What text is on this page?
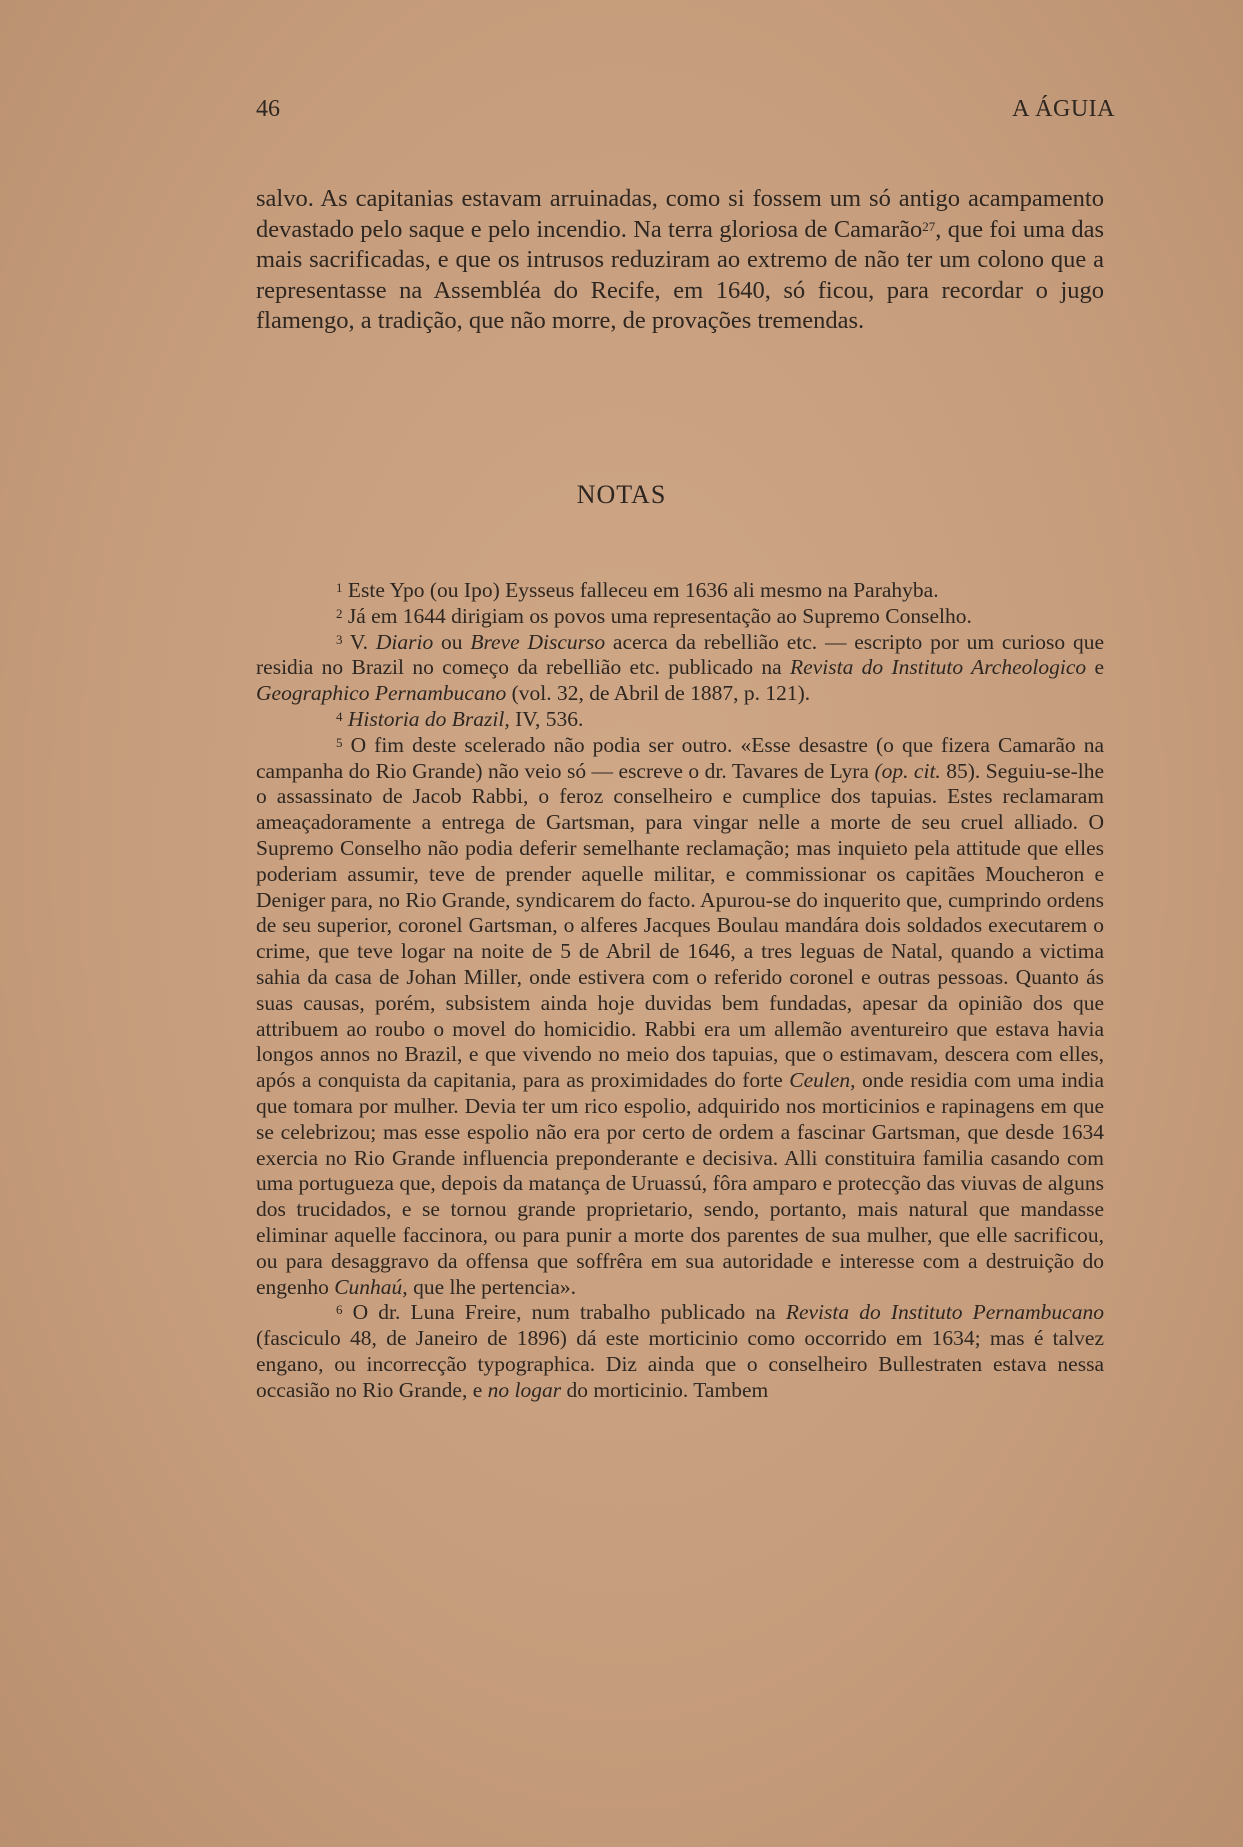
46	A ÁGUIA

salvo. As capitanias estavam arruinadas, como si fossem um só antigo acampamento devastado pelo saque e pelo incendio. Na terra gloriosa de Camarão$^{27}$, que foi uma das mais sacrificadas, e que os intrusos reduziram ao extremo de não ter um colono que a representasse na Assembléa do Recife, em 1640, só ficou, para recordar o jugo flamengo, a tradição, que não morre, de provações tremendas.

NOTAS

$^1$ Este Ypo (ou Ipo) Eysseus falleceu em 1636 ali mesmo na Parahyba.

$^2$ Já em 1644 dirigiam os povos uma representação ao Supremo Conselho.

$^3$ V. Diario ou Breve Discurso acerca da rebellião etc. — escripto por um curioso que residia no Brazil no começo da rebellião etc. publicado na Revista do Instituto Archeologico e Geographico Pernambucano (vol. 32, de Abril de 1887, p. 121).

$^4$ Historia do Brazil, IV, 536.

$^5$ O fim deste scelerado não podia ser outro. «Esse desastre (o que fizera Camarão na campanha do Rio Grande) não veio só — escreve o dr. Tavares de Lyra (op. cit. 85). Seguiu-se-lhe o assassinato de Jacob Rabbi, o feroz conselheiro e cumplice dos tapuias. Estes reclamaram ameaçadoramente a entrega de Gartsman, para vingar nelle a morte de seu cruel alliado. O Supremo Conselho não podia deferir semelhante reclamação; mas inquieto pela attitude que elles poderiam assumir, teve de prender aquelle militar, e commissionar os capitães Moucheron e Deniger para, no Rio Grande, syndicarem do facto. Apurou-se do inquerito que, cumprindo ordens de seu superior, coronel Gartsman, o alferes Jacques Boulau mandára dois soldados executarem o crime, que teve logar na noite de 5 de Abril de 1646, a tres leguas de Natal, quando a victima sahia da casa de Johan Miller, onde estivera com o referido coronel e outras pessoas. Quanto ás suas causas, porém, subsistem ainda hoje duvidas bem fundadas, apesar da opinião dos que attribuem ao roubo o movel do homicidio. Rabbi era um allemão aventureiro que estava havia longos annos no Brazil, e que vivendo no meio dos tapuias, que o estimavam, descera com elles, após a conquista da capitania, para as proximidades do forte Ceulen, onde residia com uma india que tomara por mulher. Devia ter um rico espolio, adquirido nos morticinios e rapinagens em que se celebrizou; mas esse espolio não era por certo de ordem a fascinar Gartsman, que desde 1634 exercia no Rio Grande influencia preponderante e decisiva. Alli constituira familia casando com uma portugueza que, depois da matança de Uruassú, fôra amparo e protecção das viuvas de alguns dos trucidados, e se tornou grande proprietario, sendo, portanto, mais natural que mandasse eliminar aquelle faccinora, ou para punir a morte dos parentes de sua mulher, que elle sacrificou, ou para desaggravo da offensa que soffrêra em sua autoridade e interesse com a destruição do engenho Cunhaú, que lhe pertencia».

$^6$ O dr. Luna Freire, num trabalho publicado na Revista do Instituto Pernambucano (fasciculo 48, de Janeiro de 1896) dá este morticinio como occorrido em 1634; mas é talvez engano, ou incorrecção typographica. Diz ainda que o conselheiro Bullestraten estava nessa occasião no Rio Grande, e no logar do morticinio. Tambem
